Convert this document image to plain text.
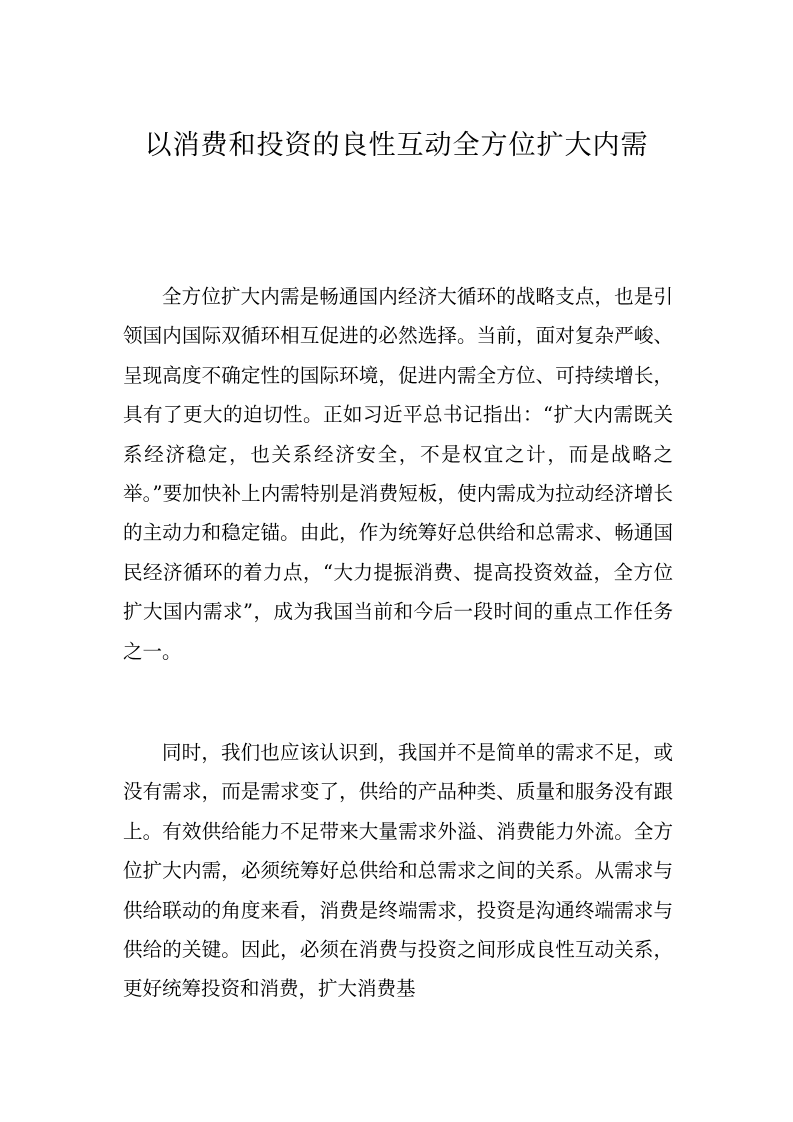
以消费和投资的良性互动全方位扩大内需

全方位扩大内需是畅通国内经济大循环的战略支点，也是引领国内国际双循环相互促进的必然选择。当前，面对复杂严峻、呈现高度不确定性的国际环境，促进内需全方位、可持续增长，具有了更大的迫切性。正如习近平总书记指出：“扩大内需既关系经济稳定，也关系经济安全，不是权宜之计，而是战略之举。”要加快补上内需特别是消费短板，使内需成为拉动经济增长的主动力和稳定锚。由此，作为统筹好总供给和总需求、畅通国民经济循环的着力点，“大力提振消费、提高投资效益，全方位扩大国内需求”，成为我国当前和今后一段时间的重点工作任务之一。

同时，我们也应该认识到，我国并不是简单的需求不足，或没有需求，而是需求变了，供给的产品种类、质量和服务没有跟上。有效供给能力不足带来大量需求外溢、消费能力外流。全方位扩大内需，必须统筹好总供给和总需求之间的关系。从需求与供给联动的角度来看，消费是终端需求，投资是沟通终端需求与供给的关键。因此，必须在消费与投资之间形成良性互动关系，更好统筹投资和消费，扩大消费基
